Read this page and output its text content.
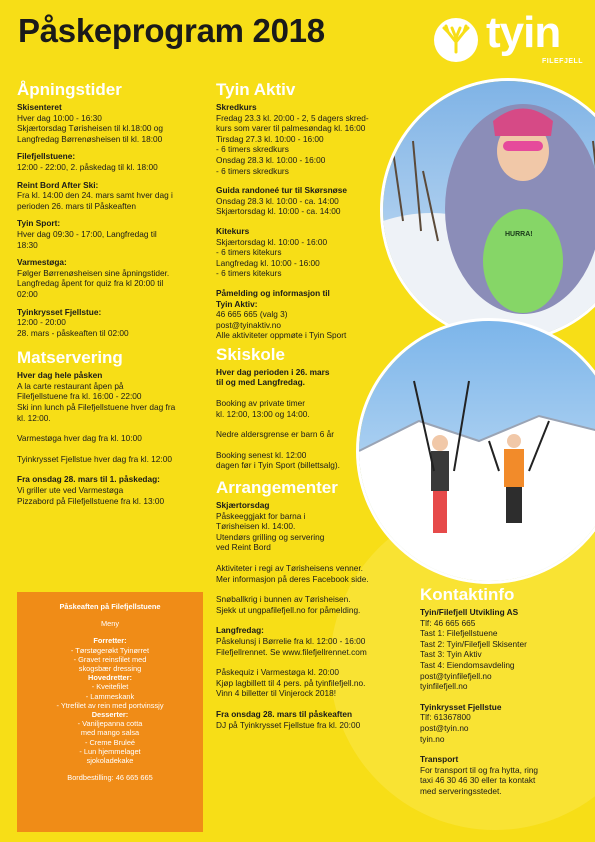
Påskeprogram 2018	tyin
FILEFJELL
Åpningstider

Skisenteret
Hver dag 10:00 - 16:30
Skjærtorsdag Tørisheisen til kl.18:00 og
Langfredag Børrenøsheisen til kl. 18:00

Filefjellstuene:
12:00 - 22:00, 2. påskedag til kl. 18:00

Reint Bord After Ski:
Fra kl. 14:00 den 24. mars samt hver dag i
perioden 26. mars til Påskeaften

Tyin Sport:
Hver dag 09:30 - 17:00, Langfredag til
18:30

Varmestøga:
Følger Børrenøsheisen sine åpningstider.
Langfredag åpent for quiz fra kl 20:00 til
02:00

Tyinkrysset Fjellstue:
12:00 - 20:00
28. mars - påskeaften til 02:00

Matservering

Hver dag hele påsken
A la carte restaurant åpen på
Filefjellstuene fra kl. 16:00 - 22:00
Ski inn lunch på Filefjellstuene hver dag fra
kl. 12:00.

Varmestøga hver dag fra kl. 10:00

Tyinkrysset Fjellstue hver dag fra kl. 12:00

Fra onsdag 28. mars til 1. påskedag:
Vi griller ute ved Varmestøga
Pizzabord på Filefjellstuene fra kl. 13:00

Påskeaften på Filefjellstuene
Meny
Forretter:
- Tørstøgerøkt Tyinørret
- Gravet reinsfilet med
skogsbær dressing
Hovedretter:
- Kveitefilet
- Lammeskank
- Ytrefilet av rein med portvinssjy
Desserter:
- Vaniljepanna cotta
med mango salsa
- Creme Bruleé
- Lun hjemmelaget
sjokoladekake
Bordbestilling: 46 665 665
HURRA!
Tyin Aktiv

Skredkurs
Fredag 23.3 kl. 20:00 - 2, 5 dagers skred-
kurs som varer til palmesøndag kl. 16:00
Tirsdag 27.3 kl. 10:00 - 16:00
- 6 timers skredkurs
Onsdag 28.3 kl. 10:00 - 16:00
- 6 timers skredkurs

Guida randoneé tur til Skørsnøse
Onsdag 28.3 kl. 10:00 - ca. 14:00
Skjærtorsdag kl. 10:00 - ca. 14:00

Kitekurs
Skjærtorsdag kl. 10:00 - 16:00
- 6 timers kitekurs
Langfredag kl. 10:00 - 16:00
- 6 timers kitekurs

Påmelding og informasjon til
Tyin Aktiv:
46 665 665 (valg 3)
post@tyinaktiv.no
Alle aktiviteter oppmøte i Tyin Sport

Skiskole

Hver dag perioden i 26. mars
til og med Langfredag.

Booking av private timer
kl. 12:00, 13:00 og 14:00.

Nedre aldersgrense er barn 6 år

Booking senest kl. 12:00
dagen før i Tyin Sport (billettsalg).

Arrangementer

Skjærtorsdag
Påskeeggjakt for barna i
Tørisheisen kl. 14:00.
Utendørs grilling og servering
ved Reint Bord

Aktiviteter i regi av Tørisheisens venner.
Mer informasjon på deres Facebook side.

Snøballkrig i bunnen av Tørisheisen.
Sjekk ut ungpafilefjell.no for påmelding.

Langfredag:
Påskelunsj i Børrelie fra kl. 12:00 - 16:00
Filefjellrennet. Se www.filefjellrennet.com

Påskequiz i Varmestøga kl. 20:00
Kjøp lagbillett til 4 pers. på tyinfilefjell.no.
Vinn 4 billetter til Vinjerock 2018!

Fra onsdag 28. mars til påskeaften
DJ på Tyinkrysset Fjellstue fra kl. 20:00

Kontaktinfo

Tyin/Filefjell Utvikling AS
Tlf: 46 665 665
Tast 1: Filefjellstuene
Tast 2: Tyin/Filefjell Skisenter
Tast 3: Tyin Aktiv
Tast 4: Eiendomsavdeling
post@tyinfilefjell.no
tyinfilefjell.no

Tyinkrysset Fjellstue
Tlf: 61367800
post@tyin.no
tyin.no

Transport
For transport til og fra hytta, ring
taxi 46 30 46 30 eller ta kontakt
med serveringsstedet.
